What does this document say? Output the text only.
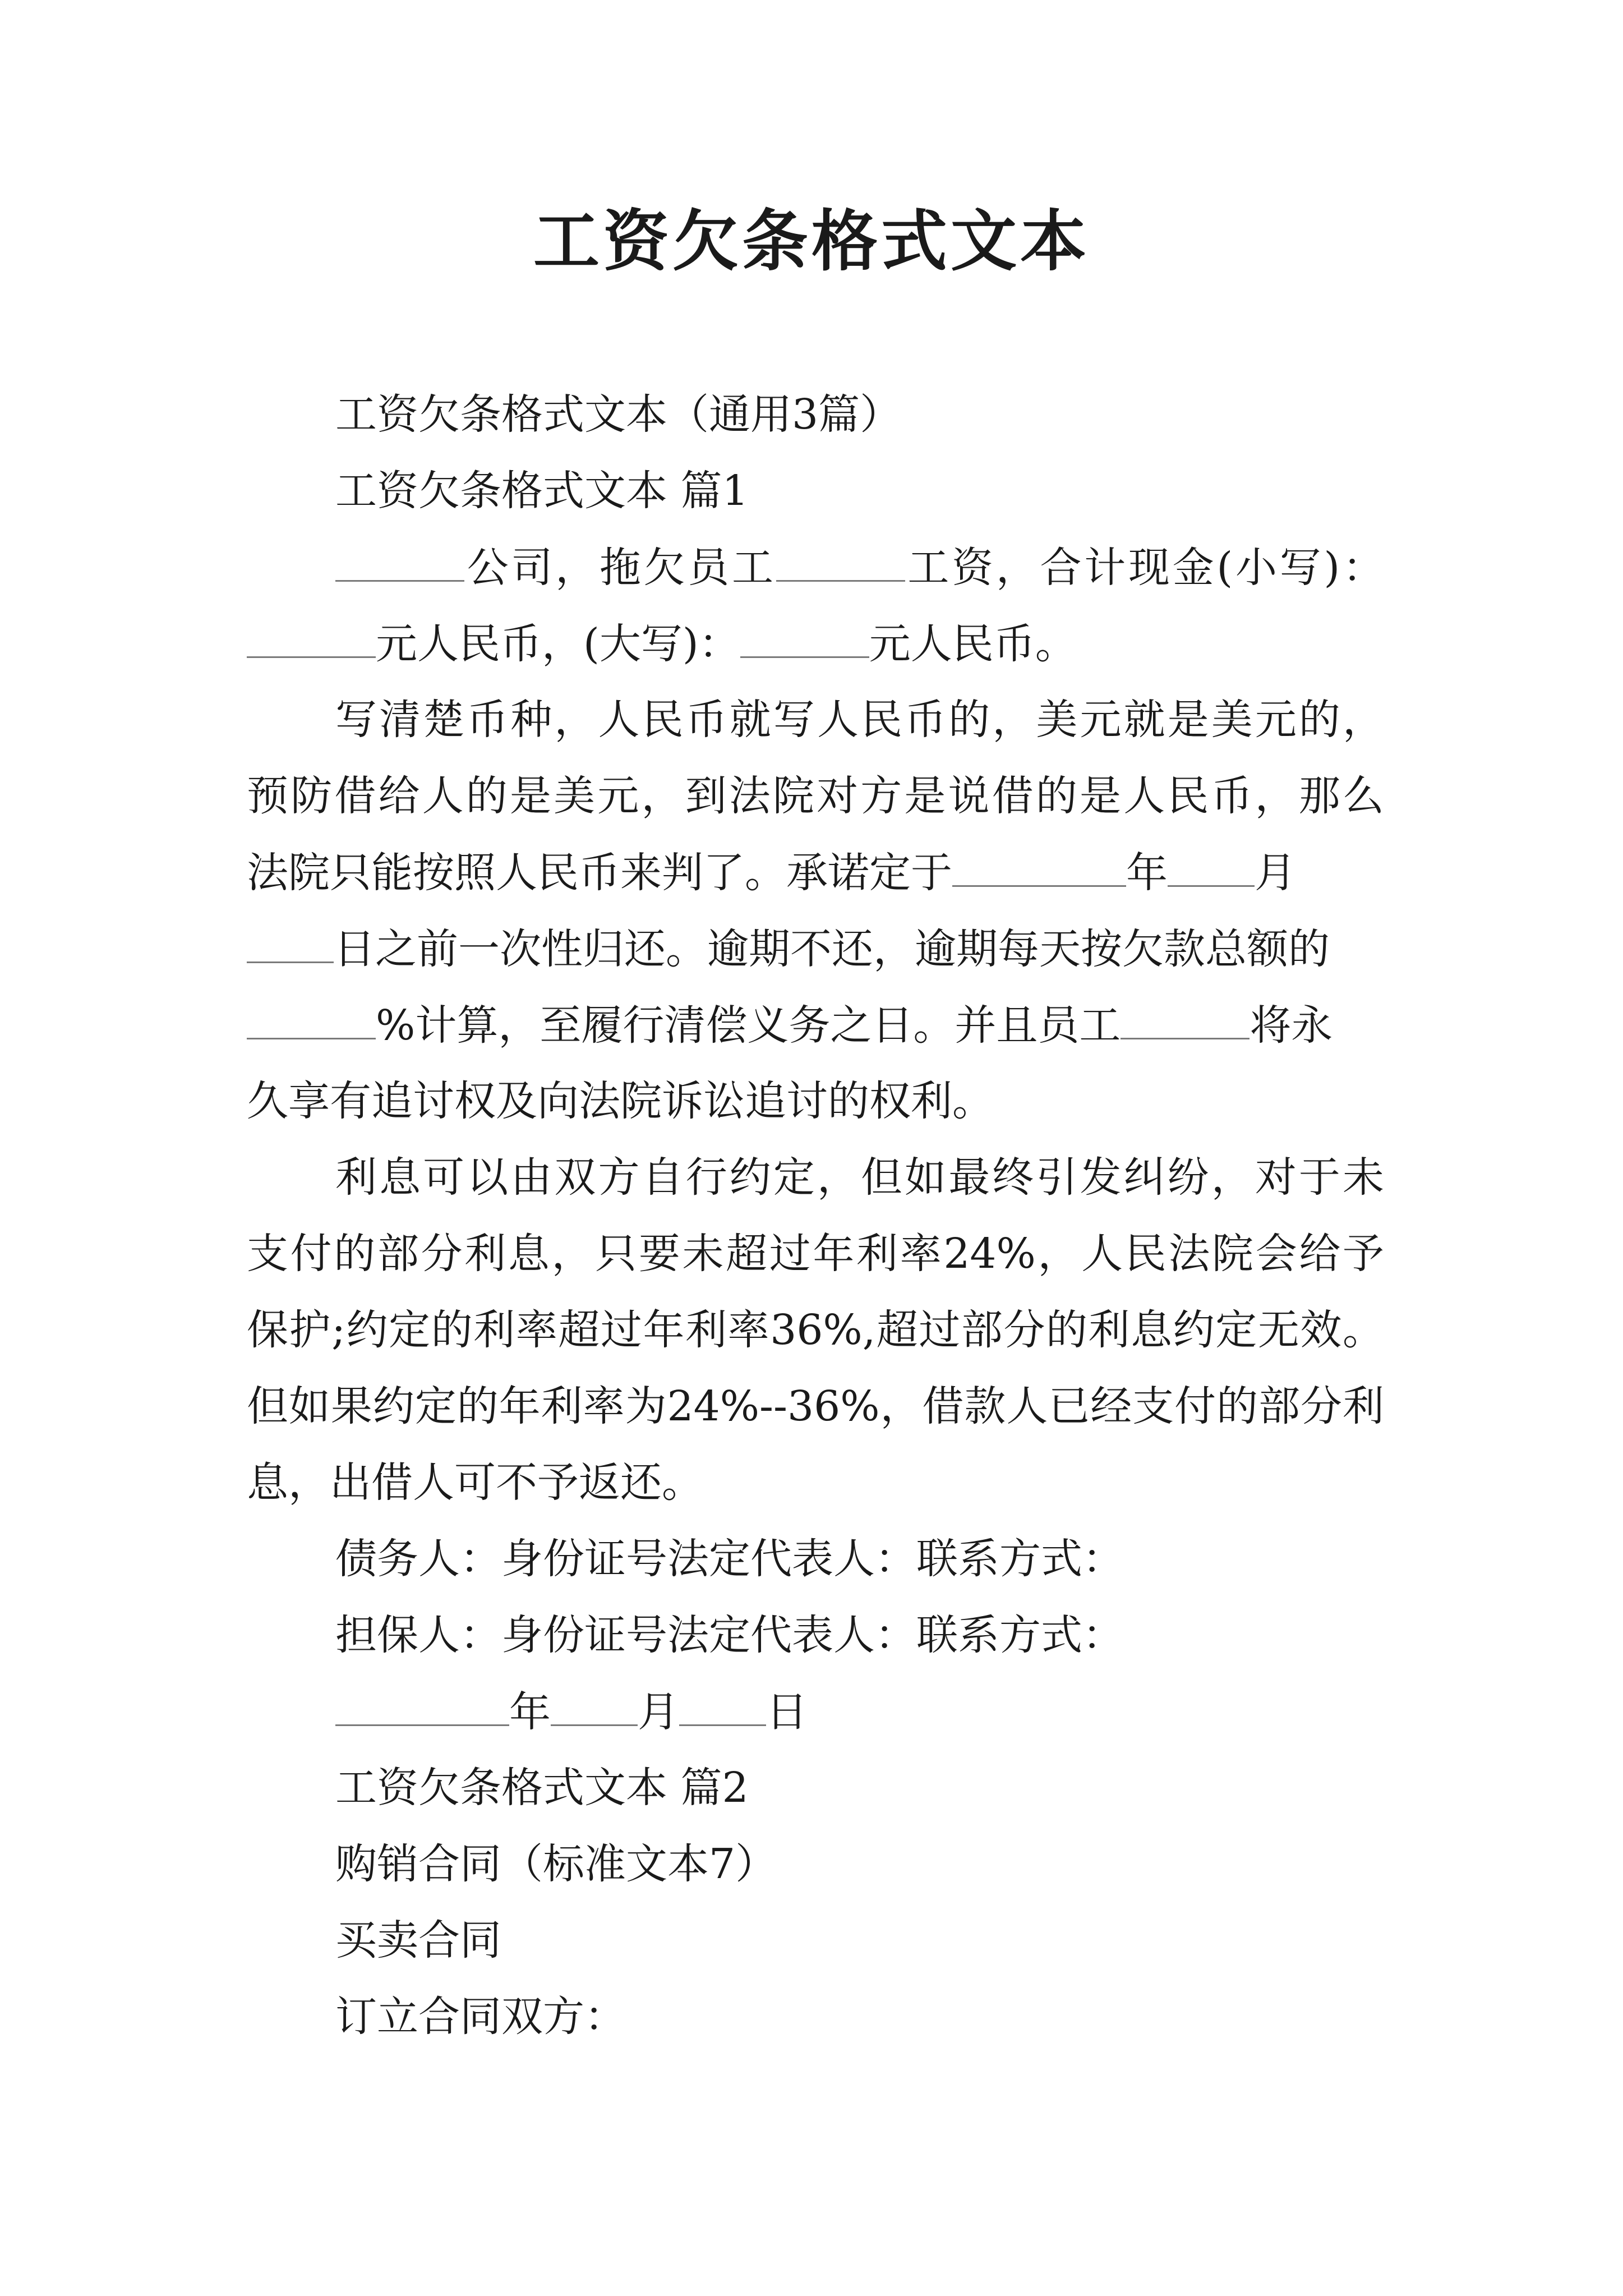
工资欠条格式文本
工资欠条格式文本（通用3篇）
工资欠条格式文本 篇1
公司，拖欠员工	工资，合计现金(小写)：
元人民币，(大写)：	元人民币。
写清楚币种，人民币就写人民币的，美元就是美元的，
预防借给人的是美元，到法院对方是说借的是人民币，那么
法院只能按照人民币来判了。承诺定于	年 月
日之前一次性归还。逾期不还，逾期每天按欠款总额的
%计算，至履行清偿义务之日。并且员工	将永
久享有追讨权及向法院诉讼追讨的权利。
利息可以由双方自行约定，但如最终引发纠纷，对于未
支付的部分利息，只要未超过年利率24%，人民法院会给予
保护;约定的利率超过年利率36%,超过部分的利息约定无效。
但如果约定的年利率为24%--36%，借款人已经支付的部分利
息，出借人可不予返还。
债务人：身份证号法定代表人：联系方式：
担保人：身份证号法定代表人：联系方式：
年 月 日
工资欠条格式文本 篇2
购销合同（标准文本7）
买卖合同
订立合同双方：
